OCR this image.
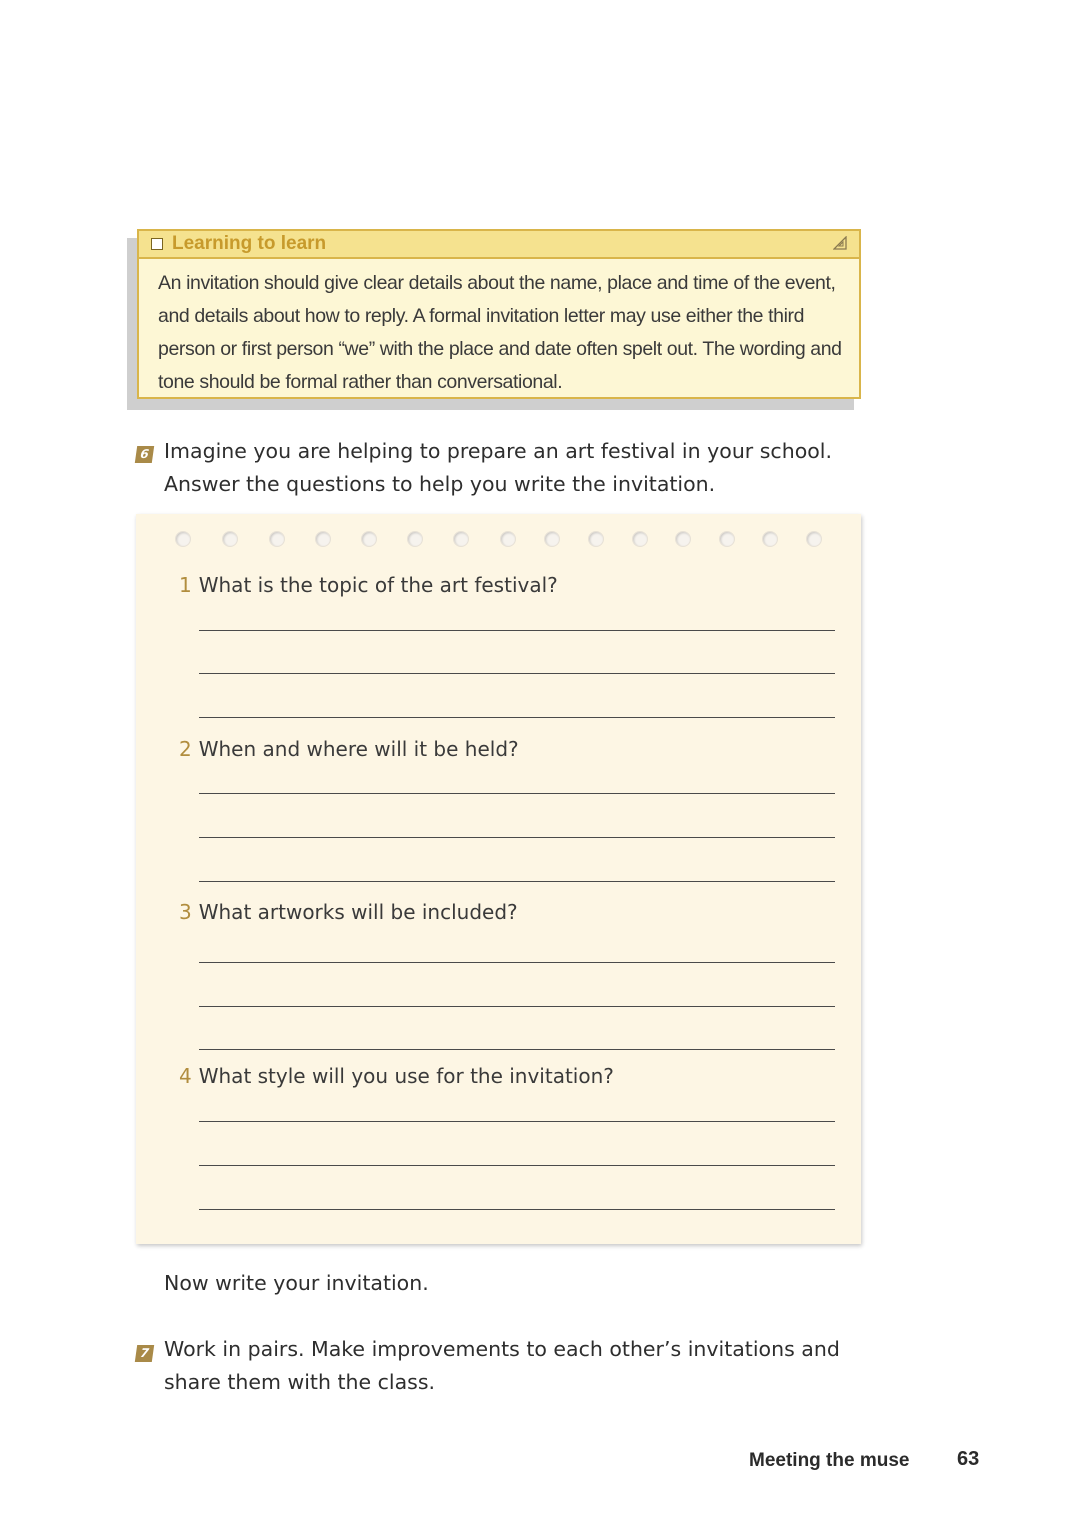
Learning to learn

An invitation should give clear details about the name, place and time of the event, and details about how to reply. A formal invitation letter may use either the third person or first person “we” with the place and date often spelt out. The wording and tone should be formal rather than conversational.

6 Imagine you are helping to prepare an art festival in your school. Answer the questions to help you write the invitation.

1 What is the topic of the art festival?
2 When and where will it be held?
3 What artworks will be included?
4 What style will you use for the invitation?

Now write your invitation.

7 Work in pairs. Make improvements to each other’s invitations and share them with the class.

Meeting the muse 63
